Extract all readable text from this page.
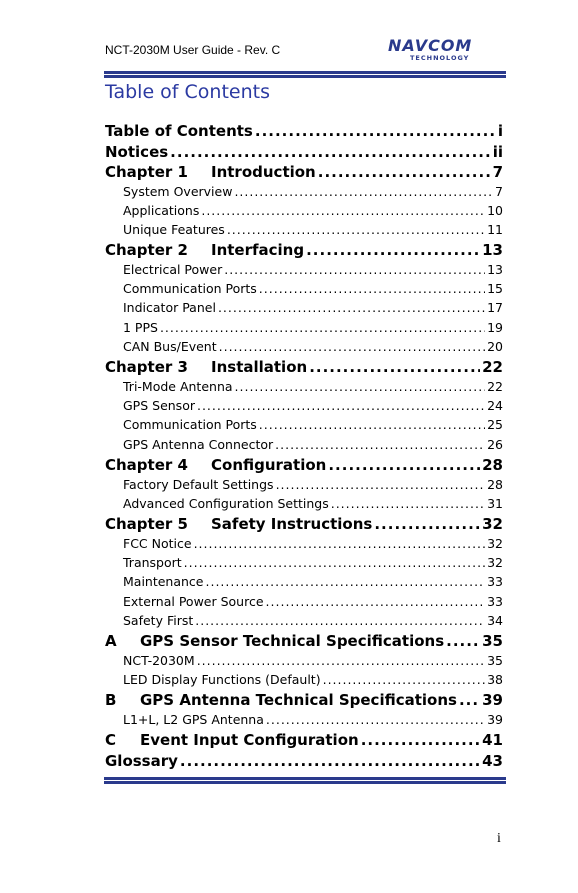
NCT-2030M User Guide - Rev. C	NAVCOM
TECHNOLOGY
Table of Contents
Table of Contents .....	i
Notices .....	ii
Chapter 1 Introduction .....	7
System Overview .....	7
Applications .....	10
Unique Features .....	11
Chapter 2 Interfacing .....	13
Electrical Power .....	13
Communication Ports .....	15
Indicator Panel .....	17
1 PPS .....	19
CAN Bus/Event .....	20
Chapter 3 Installation .....	22
Tri-Mode Antenna .....	22
GPS Sensor .....	24
Communication Ports .....	25
GPS Antenna Connector .....	26
Chapter 4 Configuration .....	28
Factory Default Settings .....	28
Advanced Configuration Settings .....	31
Chapter 5 Safety Instructions .....	32
FCC Notice .....	32
Transport .....	32
Maintenance .....	33
External Power Source .....	33
Safety First .....	34
A GPS Sensor Technical Specifications .....	35
NCT-2030M .....	35
LED Display Functions (Default) .....	38
B GPS Antenna Technical Specifications ..... 39
L1+L, L2 GPS Antenna .....	39
C Event Input Configuration .....	41
Glossary .....	43
i
